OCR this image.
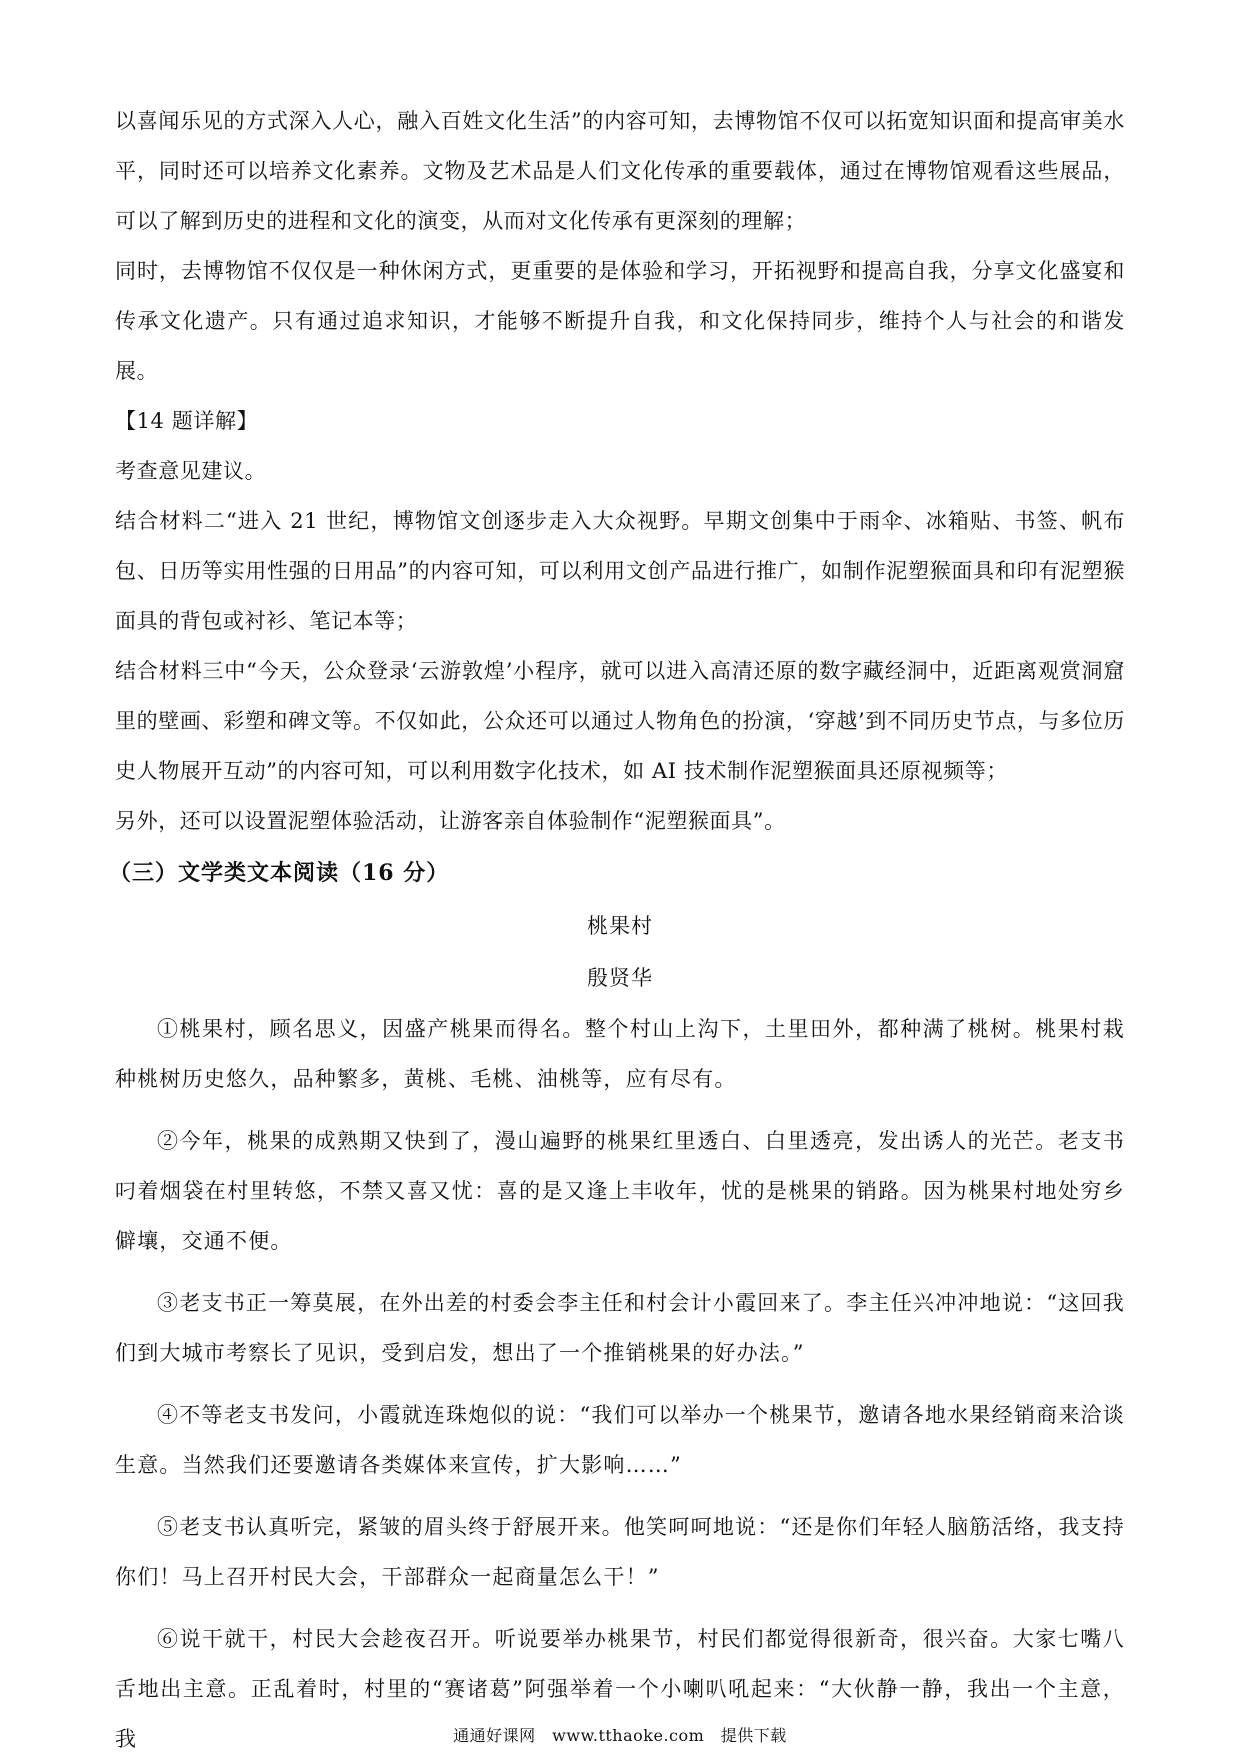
以喜闻乐见的方式深入人心，融入百姓文化生活”的内容可知，去博物馆不仅可以拓宽知识面和提高审美水平，同时还可以培养文化素养。文物及艺术品是人们文化传承的重要载体，通过在博物馆观看这些展品，可以了解到历史的进程和文化的演变，从而对文化传承有更深刻的理解；

同时，去博物馆不仅仅是一种休闲方式，更重要的是体验和学习，开拓视野和提高自我，分享文化盛宴和传承文化遗产。只有通过追求知识，才能够不断提升自我，和文化保持同步，维持个人与社会的和谐发展。

【14 题详解】

考查意见建议。

结合材料二“进入 21 世纪，博物馆文创逐步走入大众视野。早期文创集中于雨伞、冰箱贴、书签、帆布包、日历等实用性强的日用品”的内容可知，可以利用文创产品进行推广，如制作泥塑猴面具和印有泥塑猴面具的背包或衬衫、笔记本等；

结合材料三中“今天，公众登录‘云游敦煌’小程序，就可以进入高清还原的数字藏经洞中，近距离观赏洞窟里的壁画、彩塑和碑文等。不仅如此，公众还可以通过人物角色的扮演，‘穿越’到不同历史节点，与多位历史人物展开互动”的内容可知，可以利用数字化技术，如 AI 技术制作泥塑猴面具还原视频等；

另外，还可以设置泥塑体验活动，让游客亲自体验制作“泥塑猴面具”。

（三）文学类文本阅读（16 分）

桃果村

殷贤华

①桃果村，顾名思义，因盛产桃果而得名。整个村山上沟下，土里田外，都种满了桃树。桃果村栽种桃树历史悠久，品种繁多，黄桃、毛桃、油桃等，应有尽有。

②今年，桃果的成熟期又快到了，漫山遍野的桃果红里透白、白里透亮，发出诱人的光芒。老支书叼着烟袋在村里转悠，不禁又喜又忧：喜的是又逢上丰收年，忧的是桃果的销路。因为桃果村地处穷乡僻壤，交通不便。

③老支书正一筹莫展，在外出差的村委会李主任和村会计小霞回来了。李主任兴冲冲地说：“这回我们到大城市考察长了见识，受到启发，想出了一个推销桃果的好办法。”

④不等老支书发问，小霞就连珠炮似的说：“我们可以举办一个桃果节，邀请各地水果经销商来洽谈生意。当然我们还要邀请各类媒体来宣传，扩大影响……”

⑤老支书认真听完，紧皱的眉头终于舒展开来。他笑呵呵地说：“还是你们年轻人脑筋活络，我支持你们！马上召开村民大会，干部群众一起商量怎么干！”

⑥说干就干，村民大会趁夜召开。听说要举办桃果节，村民们都觉得很新奇，很兴奋。大家七嘴八舌地出主意。正乱着时，村里的“赛诸葛”阿强举着一个小喇叭吼起来：“大伙静一静，我出一个主意，我	通通好课网　www.tthaoke.com　提供下载
